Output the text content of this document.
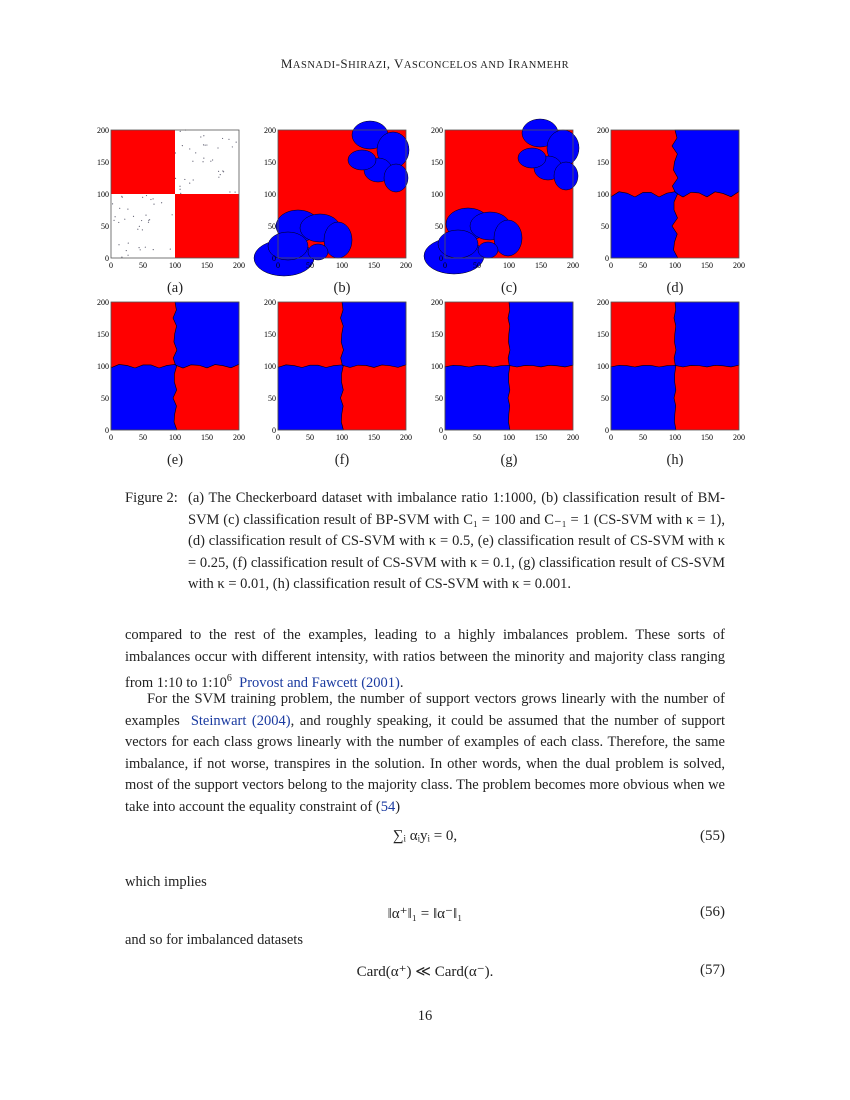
MASNADI-SHIRAZI, VASCONCELOS AND IRANMEHR
0
0
50
50
100
100
150
150
200
200
(a)
0
0
50
50
100
100
150
150
200
200
(b)
0
0
50
50
100
100
150
150
200
200
(c)
0
0
50
50
100
100
150
150
200
200
(d)
0
0
50
50
100
100
150
150
200
200
(e)
0
0
50
50
100
100
150
150
200
200
(f)
0
0
50
50
100
100
150
150
200
200
(g)
0
0
50
50
100
100
150
150
200
200
(h)
Figure 2: (a) The Checkerboard dataset with imbalance ratio 1:1000, (b) classification result of BM-SVM (c) classification result of BP-SVM with C₁ = 100 and C₋₁ = 1 (CS-SVM with κ = 1), (d) classification result of CS-SVM with κ = 0.5, (e) classification result of CS-SVM with κ = 0.25, (f) classification result of CS-SVM with κ = 0.1, (g) classification result of CS-SVM with κ = 0.01, (h) classification result of CS-SVM with κ = 0.001.
compared to the rest of the examples, leading to a highly imbalances problem. These sorts of imbalances occur with different intensity, with ratios between the minority and majority class ranging from 1:10 to $1:10^6$ Provost and Fawcett (2001).
For the SVM training problem, the number of support vectors grows linearly with the number of examples Steinwart (2004), and roughly speaking, it could be assumed that the number of support vectors for each class grows linearly with the number of examples of each class. Therefore, the same imbalance, if not worse, transpires in the solution. In other words, when the dual problem is solved, most of the support vectors belong to the majority class. The problem becomes more obvious when we take into account the equality constraint of (54)
∑ᵢ αᵢyᵢ = 0,	(55)
which implies
‖α⁺‖₁ = ‖α⁻‖₁	(56)
and so for imbalanced datasets
Card(α⁺) ≪ Card(α⁻).	(57)
16
